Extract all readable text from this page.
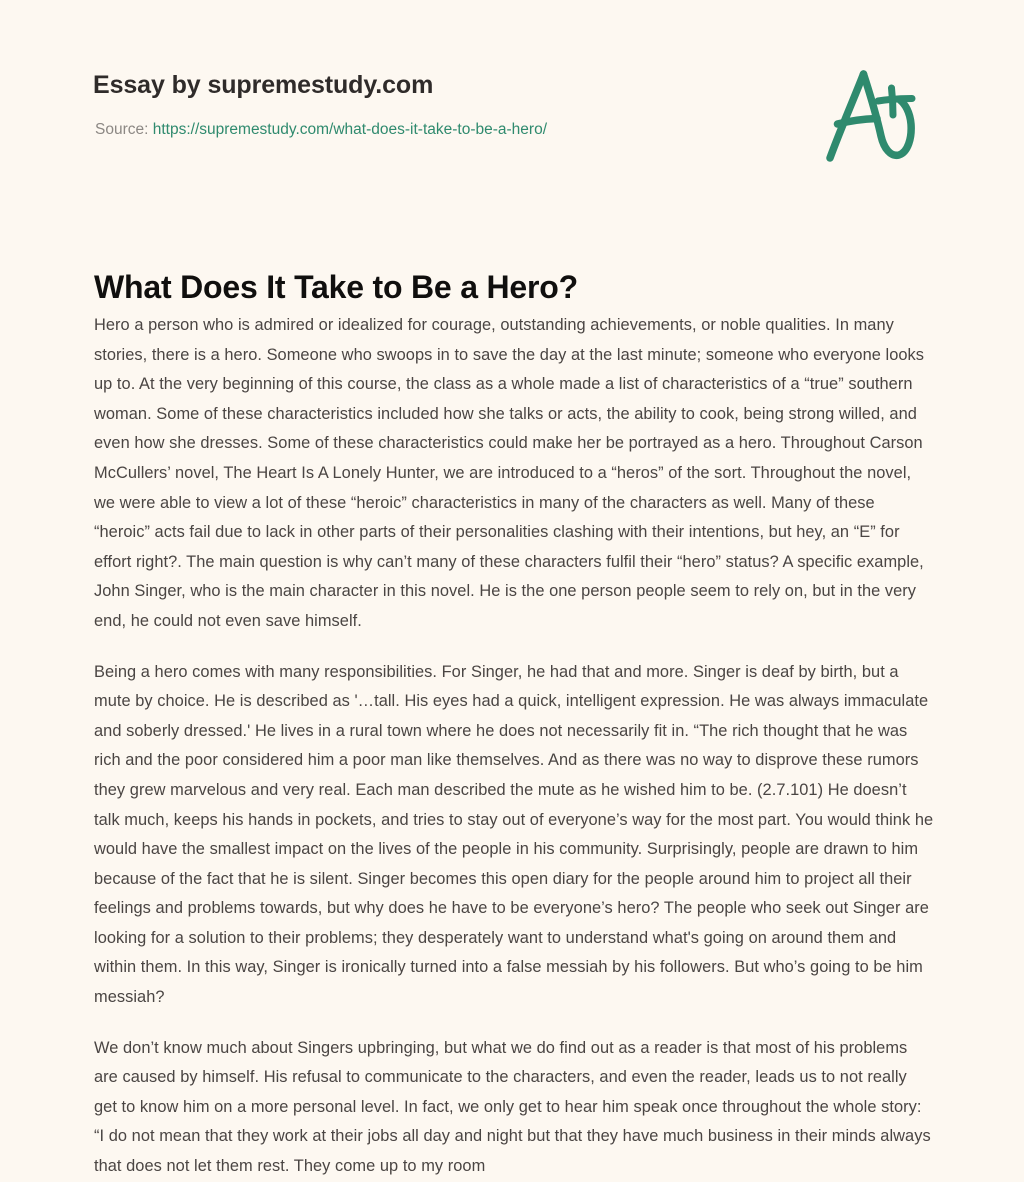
Essay by supremestudy.com
Source: https://supremestudy.com/what-does-it-take-to-be-a-hero/
What Does It Take to Be a Hero?

Hero a person who is admired or idealized for courage, outstanding achievements, or noble qualities. In many stories, there is a hero. Someone who swoops in to save the day at the last minute; someone who everyone looks up to. At the very beginning of this course, the class as a whole made a list of characteristics of a “true” southern woman. Some of these characteristics included how she talks or acts, the ability to cook, being strong willed, and even how she dresses. Some of these characteristics could make her be portrayed as a hero. Throughout Carson McCullers’ novel, The Heart Is A Lonely Hunter, we are introduced to a “heros” of the sort. Throughout the novel, we were able to view a lot of these “heroic” characteristics in many of the characters as well. Many of these “heroic” acts fail due to lack in other parts of their personalities clashing with their intentions, but hey, an “E” for effort right?. The main question is why can’t many of these characters fulfil their “hero” status? A specific example, John Singer, who is the main character in this novel. He is the one person people seem to rely on, but in the very end, he could not even save himself.

Being a hero comes with many responsibilities. For Singer, he had that and more. Singer is deaf by birth, but a mute by choice. He is described as '…tall. His eyes had a quick, intelligent expression. He was always immaculate and soberly dressed.' He lives in a rural town where he does not necessarily fit in. “The rich thought that he was rich and the poor considered him a poor man like themselves. And as there was no way to disprove these rumors they grew marvelous and very real. Each man described the mute as he wished him to be. (2.7.101) He doesn’t talk much, keeps his hands in pockets, and tries to stay out of everyone’s way for the most part. You would think he would have the smallest impact on the lives of the people in his community. Surprisingly, people are drawn to him because of the fact that he is silent. Singer becomes this open diary for the people around him to project all their feelings and problems towards, but why does he have to be everyone’s hero? The people who seek out Singer are looking for a solution to their problems; they desperately want to understand what's going on around them and within them. In this way, Singer is ironically turned into a false messiah by his followers. But who’s going to be him messiah?

We don’t know much about Singers upbringing, but what we do find out as a reader is that most of his problems are caused by himself. His refusal to communicate to the characters, and even the reader, leads us to not really get to know him on a more personal level. In fact, we only get to hear him speak once throughout the whole story: “I do not mean that they work at their jobs all day and night but that they have much business in their minds always that does not let them rest. They come up to my room
